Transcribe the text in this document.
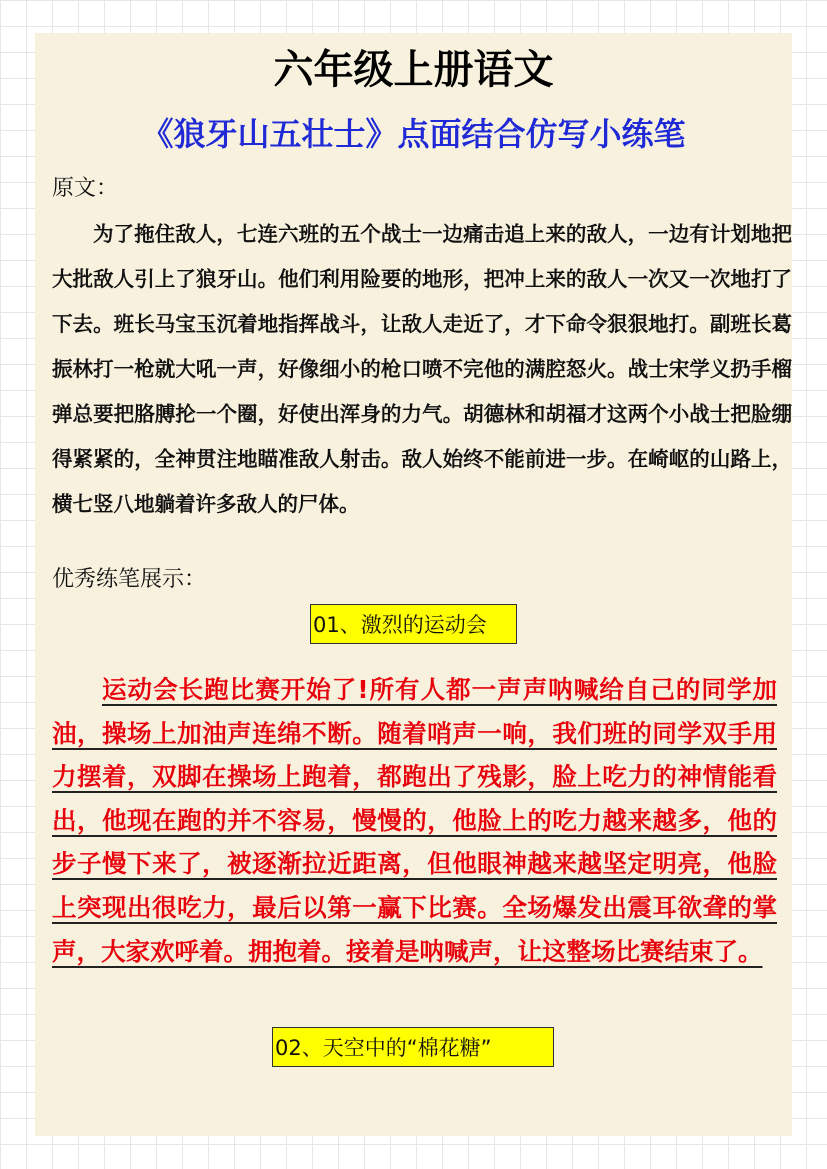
六年级上册语文
《狼牙山五壮士》点面结合仿写小练笔
原文：

为了拖住敌人，七连六班的五个战士一边痛击追上来的敌人，一边有计划地把大批敌人引上了狼牙山。他们利用险要的地形，把冲上来的敌人一次又一次地打了下去。班长马宝玉沉着地指挥战斗，让敌人走近了，才下命令狠狠地打。副班长葛振林打一枪就大吼一声，好像细小的枪口喷不完他的满腔怒火。战士宋学义扔手榴弹总要把胳膊抡一个圈，好使出浑身的力气。胡德林和胡福才这两个小战士把脸绷得紧紧的，全神贯注地瞄准敌人射击。敌人始终不能前进一步。在崎岖的山路上，横七竖八地躺着许多敌人的尸体。

优秀练笔展示：
01、激烈的运动会

运动会长跑比赛开始了!所有人都一声声呐喊给自己的同学加油，操场上加油声连绵不断。随着哨声一响，我们班的同学双手用力摆着，双脚在操场上跑着，都跑出了残影，脸上吃力的神情能看出，他现在跑的并不容易，慢慢的，他脸上的吃力越来越多，他的步子慢下来了，被逐渐拉近距离，但他眼神越来越坚定明亮，他脸上突现出很吃力，最后以第一赢下比赛。全场爆发出震耳欲聋的掌声，大家欢呼着。拥抱着。接着是呐喊声，让这整场比赛结束了。

02、天空中的“棉花糖”
